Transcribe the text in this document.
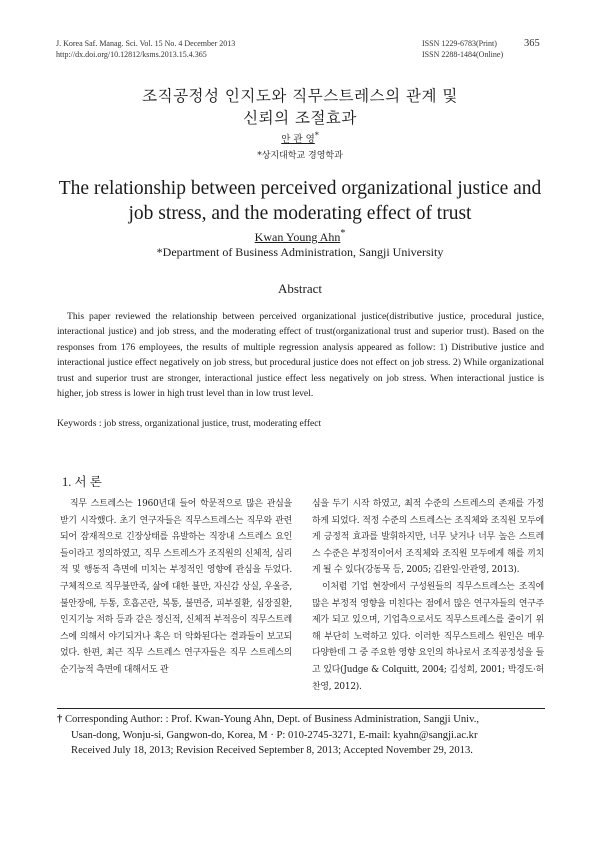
J. Korea Saf. Manag. Sci. Vol. 15 No. 4 December 2013
http://dx.doi.org/10.12812/ksms.2013.15.4.365
ISSN 1229-6783(Print)
ISSN 2288-1484(Online)
365
조직공정성 인지도와 직무스트레스의 관계 및
신뢰의 조절효과
안 관 영*
*상지대학교 경영학과
The relationship between perceived organizational justice and
job stress, and the moderating effect of trust
Kwan Young Ahn*
*Department of Business Administration, Sangji University
Abstract
This paper reviewed the relationship between perceived organizational justice(distributive justice, procedural justice, interactional justice) and job stress, and the moderating effect of trust(organizational trust and superior trust). Based on the responses from 176 employees, the results of multiple regression analysis appeared as follow: 1) Distributive justice and interactional justice effect negatively on job stress, but procedural justice does not effect on job stress. 2) While organizational trust and superior trust are stronger, interactional justice effect less negatively on job stress. When interactional justice is higher, job stress is lower in high trust level than in low trust level.
Keywords : job stress, organizational justice, trust, moderating effect
1. 서 론
직무 스트레스는 1960년대 들어 학문적으로 많은 관심을 받기 시작했다. 초기 연구자들은 직무스트레스는 직무와 관련되어 잠재적으로 긴장상태를 유발하는 직장내 스트레스 요인들이라고 정의하였고, 직무 스트레스가 조직원의 신체적, 심리적 및 행동적 측면에 미치는 부정적인 영향에 관심을 두었다. 구체적으로 직무불만족, 삶에 대한 불만, 자신감 상실, 우울증, 불안장애, 두통, 호흡곤란, 복통, 불면증, 피부질환, 심장질환, 인지기능 저하 등과 같은 정신적, 신체적 부적응이 직무스트레스에 의해서 야기되거나 혹은 더 악화된다는 결과들이 보고되었다. 한편, 최근 직무 스트레스 연구자들은 직무 스트레스의 순기능적 측면에 대해서도 관

심을 두기 시작 하였고, 최적 수준의 스트레스의 존재를 가정하게 되었다. 적정 수준의 스트레스는 조직체와 조직원 모두에게 긍정적 효과를 발휘하지만, 너무 낮거나 너무 높은 스트레스 수준은 부정적이어서 조직체와 조직원 모두에게 해를 끼치게 될 수 있다(강동묵 등, 2005; 김완일·안관영, 2013).

이처럼 기업 현장에서 구성원들의 직무스트레스는 조직에 많은 부정적 영향을 미친다는 점에서 많은 연구자들의 연구주제가 되고 있으며, 기업측으로서도 직무스트레스를 줄이기 위해 부단히 노력하고 있다. 이러한 직무스트레스 원인은 매우 다양한데 그 중 주요한 영향 요인의 하나로서 조직공정성을 들고 있다(Judge & Colquitt, 2004; 김성희, 2001; 박경도·허찬영, 2012).

† Corresponding Author: : Prof. Kwan-Young Ahn, Dept. of Business Administration, Sangji Univ.,
Usan-dong, Wonju-si, Gangwon-do, Korea, M · P: 010-2745-3271, E-mail: kyahn@sangji.ac.kr
Received July 18, 2013; Revision Received September 8, 2013; Accepted November 29, 2013.
